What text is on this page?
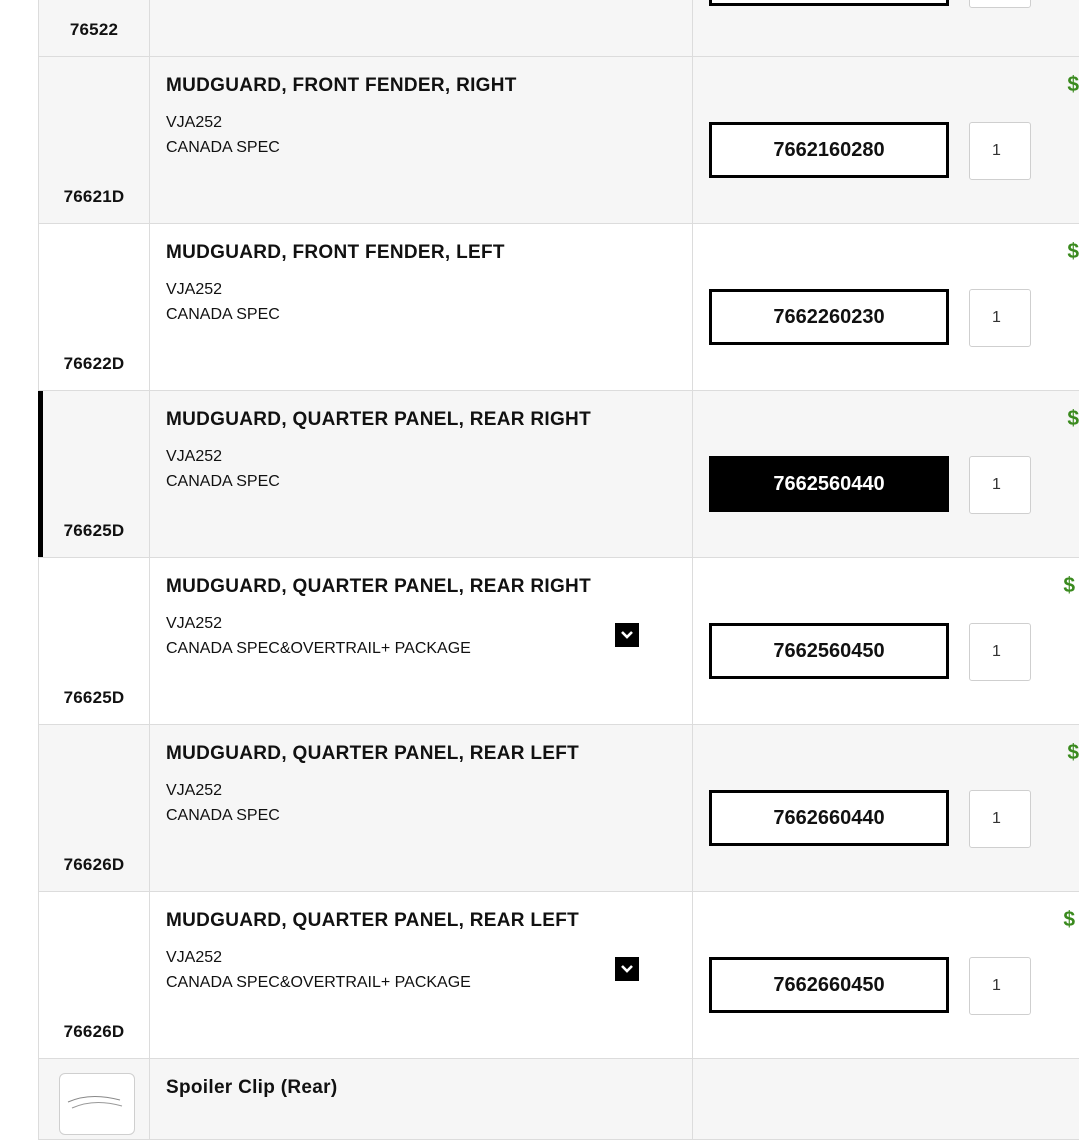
76522
1
76621D
MUDGUARD, FRONT FENDER, RIGHT
VJA252
CANADA SPEC
$
7662160280
1
76622D
MUDGUARD, FRONT FENDER, LEFT
VJA252
CANADA SPEC
$
7662260230
1
76625D
MUDGUARD, QUARTER PANEL, REAR RIGHT
VJA252
CANADA SPEC
$
7662560440
1
76625D
MUDGUARD, QUARTER PANEL, REAR RIGHT
VJA252
CANADA SPEC&OVERTRAIL+ PACKAGE
$
7662560450
1
76626D
MUDGUARD, QUARTER PANEL, REAR LEFT
VJA252
CANADA SPEC
$
7662660440
1
76626D
MUDGUARD, QUARTER PANEL, REAR LEFT
VJA252
CANADA SPEC&OVERTRAIL+ PACKAGE
$
7662660450
1
Spoiler Clip (Rear)
